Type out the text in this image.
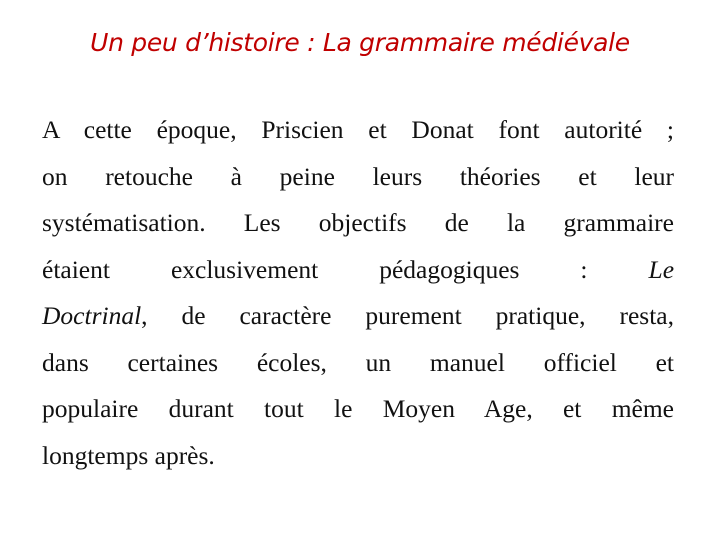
Un peu d’histoire : La grammaire médiévale
A cette époque, Priscien et Donat font autorité ;
on retouche à peine leurs théories et leur
systématisation. Les objectifs de la grammaire
étaient exclusivement pédagogiques : Le
Doctrinal, de caractère purement pratique, resta,
dans certaines écoles, un manuel officiel et
populaire durant tout le Moyen Age, et même
longtemps après.
